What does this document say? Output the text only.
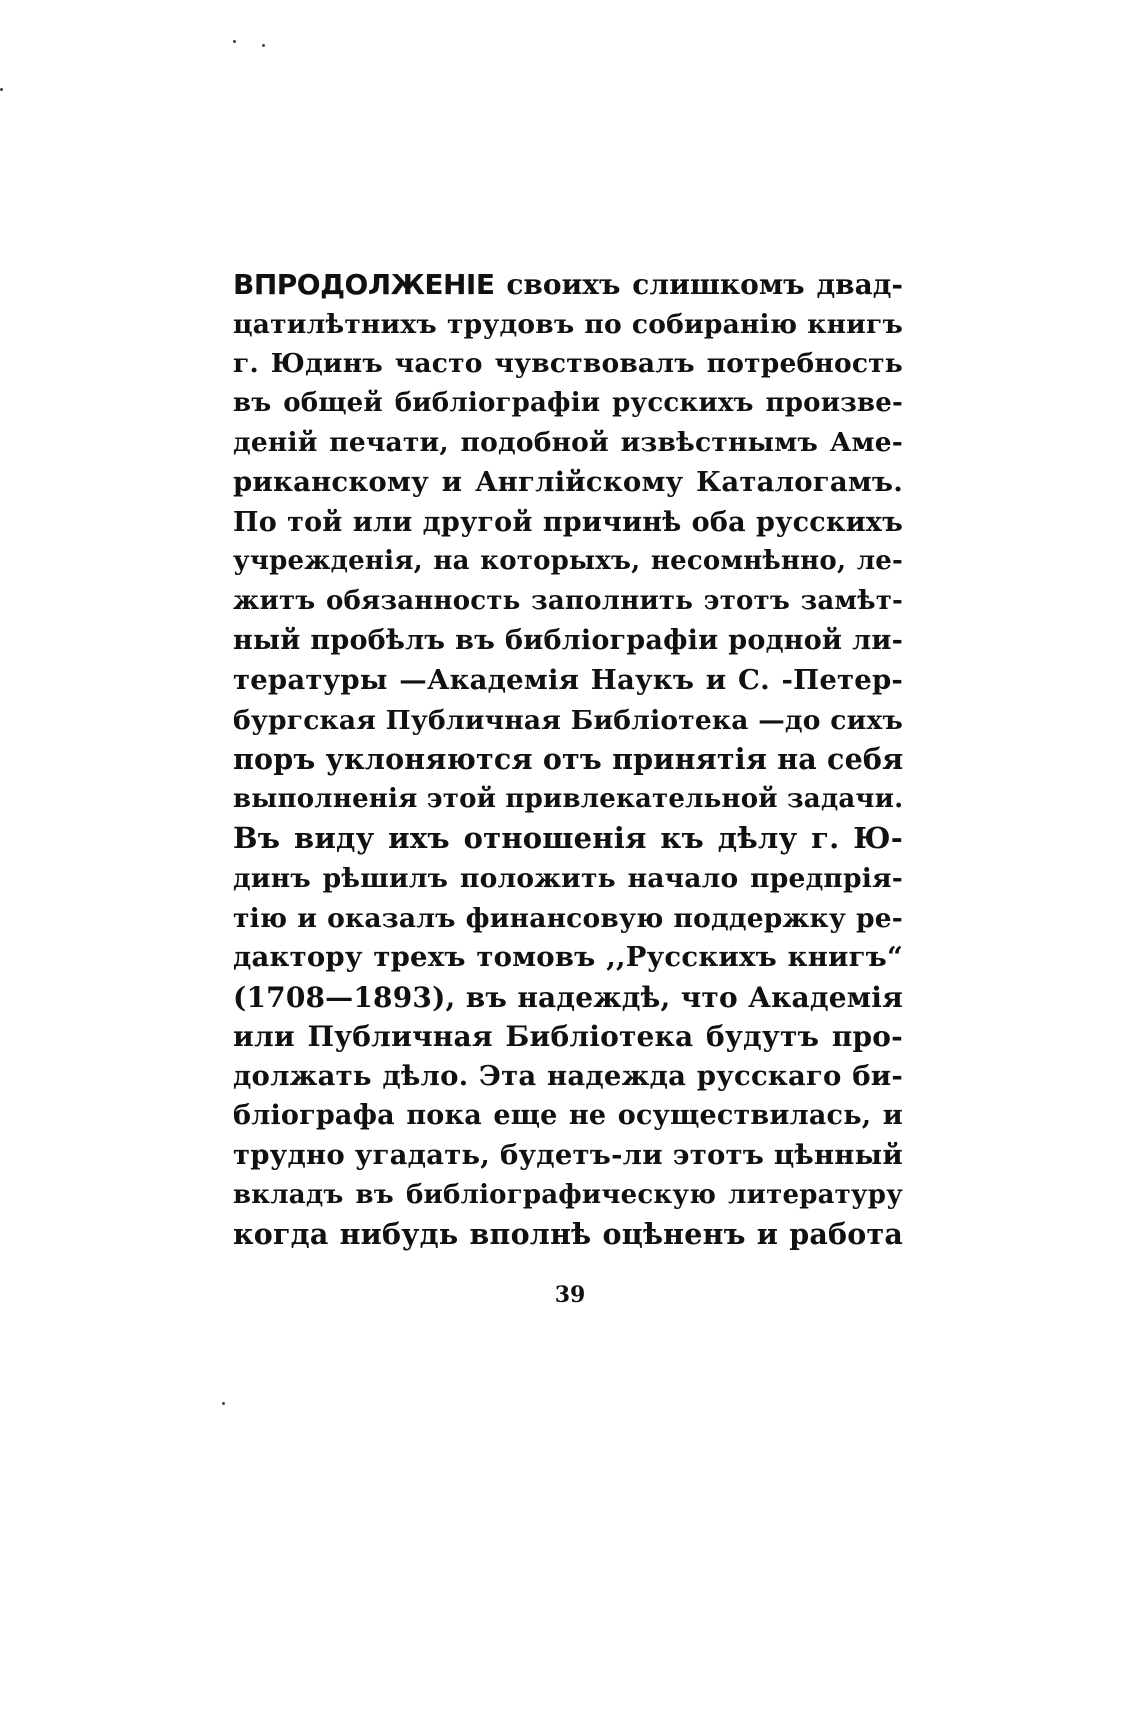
ВПРОДОЛЖЕНIЕ своихъ слишкомъ двад-
цатилѣтнихъ трудовъ по собиранiю книгъ
г. Юдинъ часто чувствовалъ потребность
въ общей библiографiи русскихъ произве-
денiй печати, подобной извѣстнымъ Аме-
риканскому и Англiйскому Каталогамъ.
По той или другой причинѣ оба русскихъ
учрежденiя, на которыхъ, несомнѣнно, ле-
житъ обязанность заполнить этотъ замѣт-
ный пробѣлъ въ библiографiи родной ли-
тературы —Академiя Наукъ и С. -Петер-
бургская Публичная Библiотека —до сихъ
поръ уклоняются отъ принятiя на себя
выполненiя этой привлекательной задачи.
Въ виду ихъ отношенiя къ дѣлу г. Ю-
динъ рѣшилъ положить начало предпрiя-
тiю и оказалъ финансовую поддержку ре-
дактору трехъ томовъ ,,Русскихъ книгъ“
(1708—1893), въ надеждѣ, что Академiя
или Публичная Библiотека будутъ про-
должать дѣло. Эта надежда русскаго би-
блiографа пока еще не осуществилась, и
трудно угадать, будетъ-ли этотъ цѣнный
вкладъ въ библiографическую литературу
когда нибудь вполнѣ оцѣненъ и работа
39
